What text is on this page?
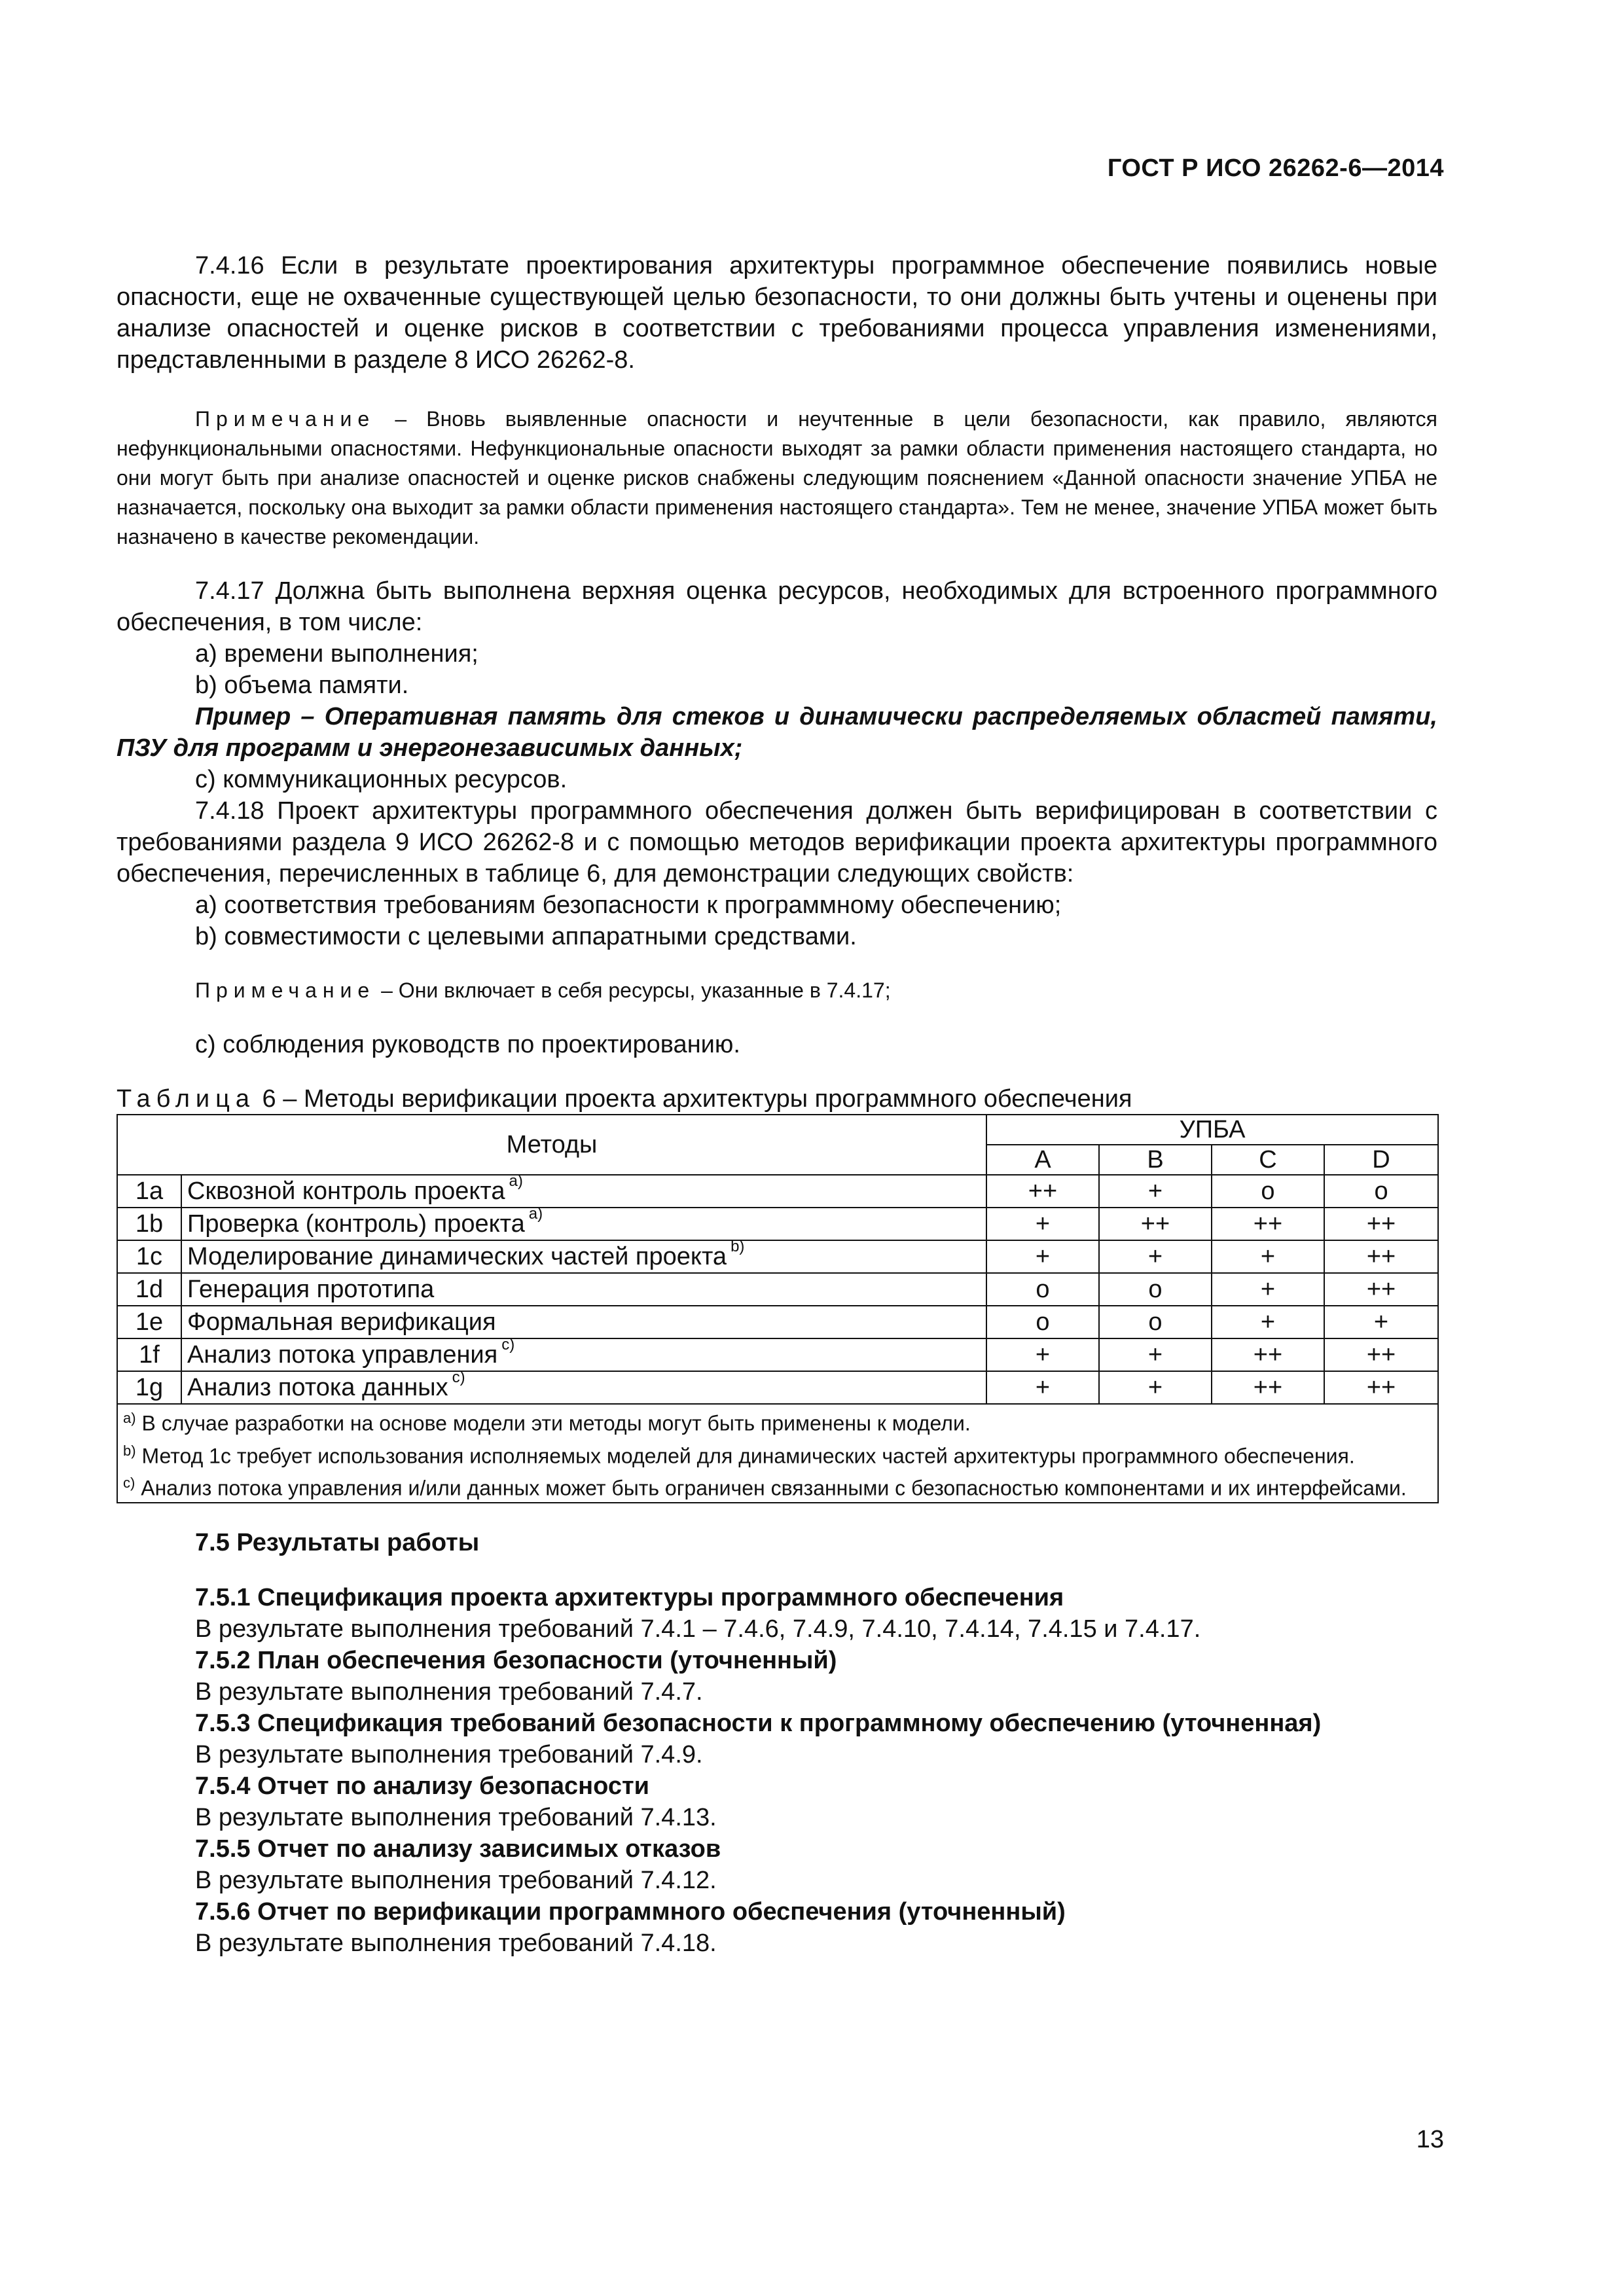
ГОСТ Р ИСО 26262-6—2014

7.4.16 Если в результате проектирования архитектуры программное обеспечение появились новые опасности, еще не охваченные существующей целью безопасности, то они должны быть учтены и оценены при анализе опасностей и оценке рисков в соответствии с требованиями процесса управления изменениями, представленными в разделе 8 ИСО 26262-8.

Примечание – Вновь выявленные опасности и неучтенные в цели безопасности, как правило, являются нефункциональными опасностями. Нефункциональные опасности выходят за рамки области применения настоящего стандарта, но они могут быть при анализе опасностей и оценке рисков снабжены следующим пояснением «Данной опасности значение УПБА не назначается, поскольку она выходит за рамки области применения настоящего стандарта». Тем не менее, значение УПБА может быть назначено в качестве рекомендации.

7.4.17 Должна быть выполнена верхняя оценка ресурсов, необходимых для встроенного программного обеспечения, в том числе:

а) времени выполнения;

b) объема памяти.

Пример – Оперативная память для стеков и динамически распределяемых областей памяти, ПЗУ для программ и энергонезависимых данных;

с) коммуникационных ресурсов.

7.4.18 Проект архитектуры программного обеспечения должен быть верифицирован в соответствии с требованиями раздела 9 ИСО 26262-8 и с помощью методов верификации проекта архитектуры программного обеспечения, перечисленных в таблице 6, для демонстрации следующих свойств:

а) соответствия требованиям безопасности к программному обеспечению;

b) совместимости с целевыми аппаратными средствами.

Примечание – Они включает в себя ресурсы, указанные в 7.4.17;

с) соблюдения руководств по проектированию.

Таблица 6 – Методы верификации проекта архитектуры программного обеспечения

Методы		УПБА			
		A	B	C	D
1a	Сквозной контроль проекта $^{а)}$	++	+	о	о
1b	Проверка (контроль) проекта $^{а)}$	+	++	++	++
1c	Моделирование динамических частей проекта $^{b)}$	+	+	+	++
1d	Генерация прототипа	о	о	+	++
1e	Формальная верификация	о	о	+	+
1f	Анализ потока управления $^{с)}$	+	+	++	++
1g	Анализ потока данных $^{с)}$	+	+	++	++

$^{а)}$ В случае разработки на основе модели эти методы могут быть применены к модели.
$^{b)}$ Метод 1с требует использования исполняемых моделей для динамических частей архитектуры программного обеспечения.
$^{с)}$ Анализ потока управления и/или данных может быть ограничен связанными с безопасностью компонентами и их интерфейсами.					

7.5 Результаты работы

7.5.1 Спецификация проекта архитектуры программного обеспечения

В результате выполнения требований 7.4.1 – 7.4.6, 7.4.9, 7.4.10, 7.4.14, 7.4.15 и 7.4.17.

7.5.2 План обеспечения безопасности (уточненный)

В результате выполнения требований 7.4.7.

7.5.3 Спецификация требований безопасности к программному обеспечению (уточненная)

В результате выполнения требований 7.4.9.

7.5.4 Отчет по анализу безопасности

В результате выполнения требований 7.4.13.

7.5.5 Отчет по анализу зависимых отказов

В результате выполнения требований 7.4.12.

7.5.6 Отчет по верификации программного обеспечения (уточненный)

В результате выполнения требований 7.4.18.

13
